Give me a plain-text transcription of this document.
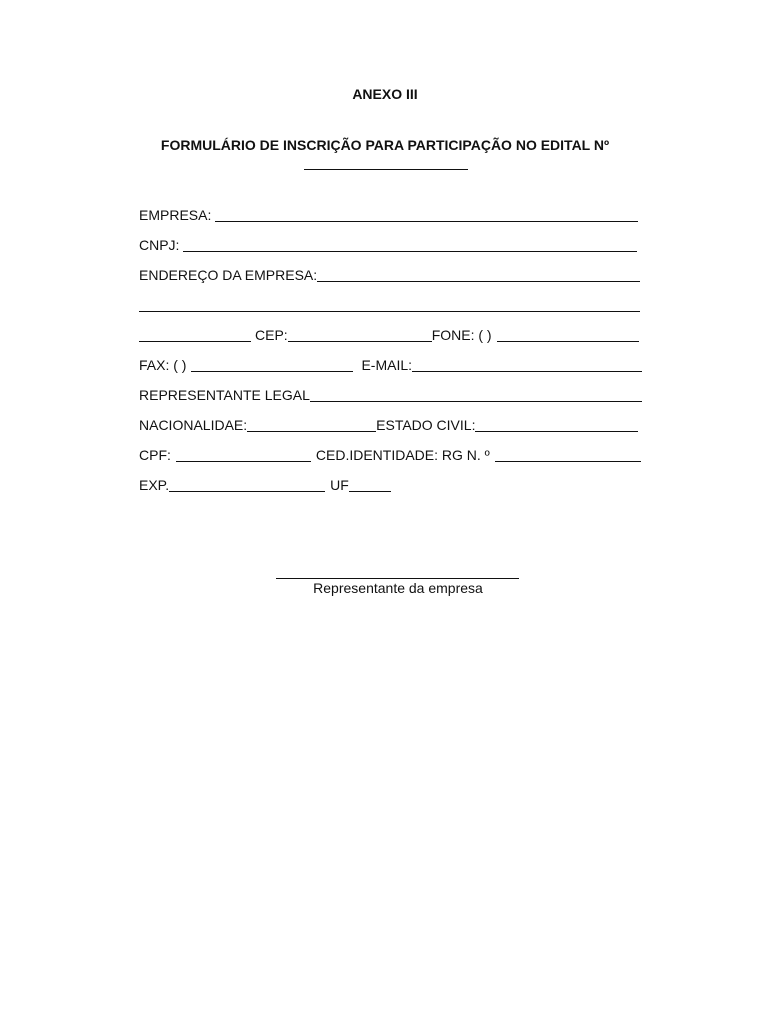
ANEXO III
FORMULÁRIO DE INSCRIÇÃO PARA PARTICIPAÇÃO NO EDITAL Nº
EMPRESA:
CNPJ:
ENDEREÇO DA EMPRESA:
CEP:	FONE: ( )
FAX: ( )	E-MAIL:
REPRESENTANTE LEGAL
NACIONALIDAE:	ESTADO CIVIL:
CPF:	CED.IDENTIDADE: RG N. º
EXP.	UF
Representante da empresa
